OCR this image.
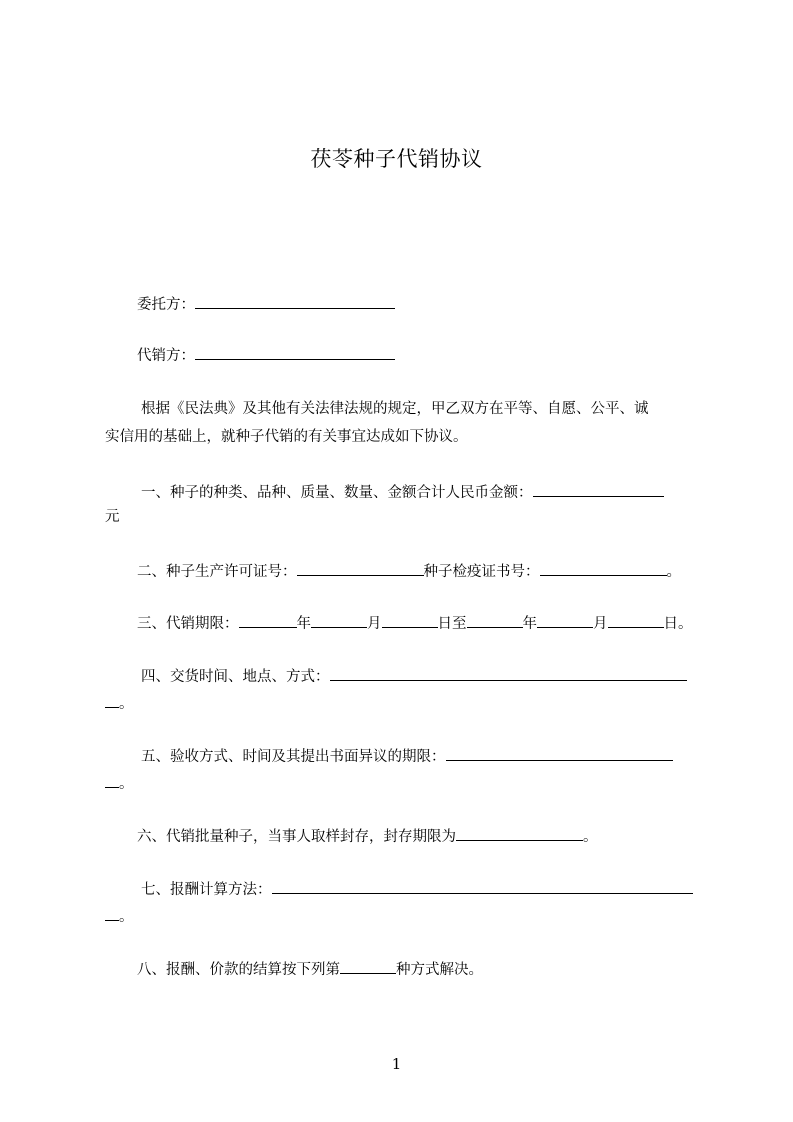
茯苓种子代销协议
委托方：
代销方：
根据《民法典》及其他有关法律法规的规定，甲乙双方在平等、自愿、公平、诚
实信用的基础上，就种子代销的有关事宜达成如下协议。
一、种子的种类、品种、质量、数量、金额合计人民币金额：
元
二、种子生产许可证号：	种子检疫证书号：	。
三、代销期限：	年	月	日至	年	月	日。
四、交货时间、地点、方式：
。
五、验收方式、时间及其提出书面异议的期限：
。
六、代销批量种子，当事人取样封存，封存期限为	。
七、报酬计算方法：
。
八、报酬、价款的结算按下列第	种方式解决。
1
